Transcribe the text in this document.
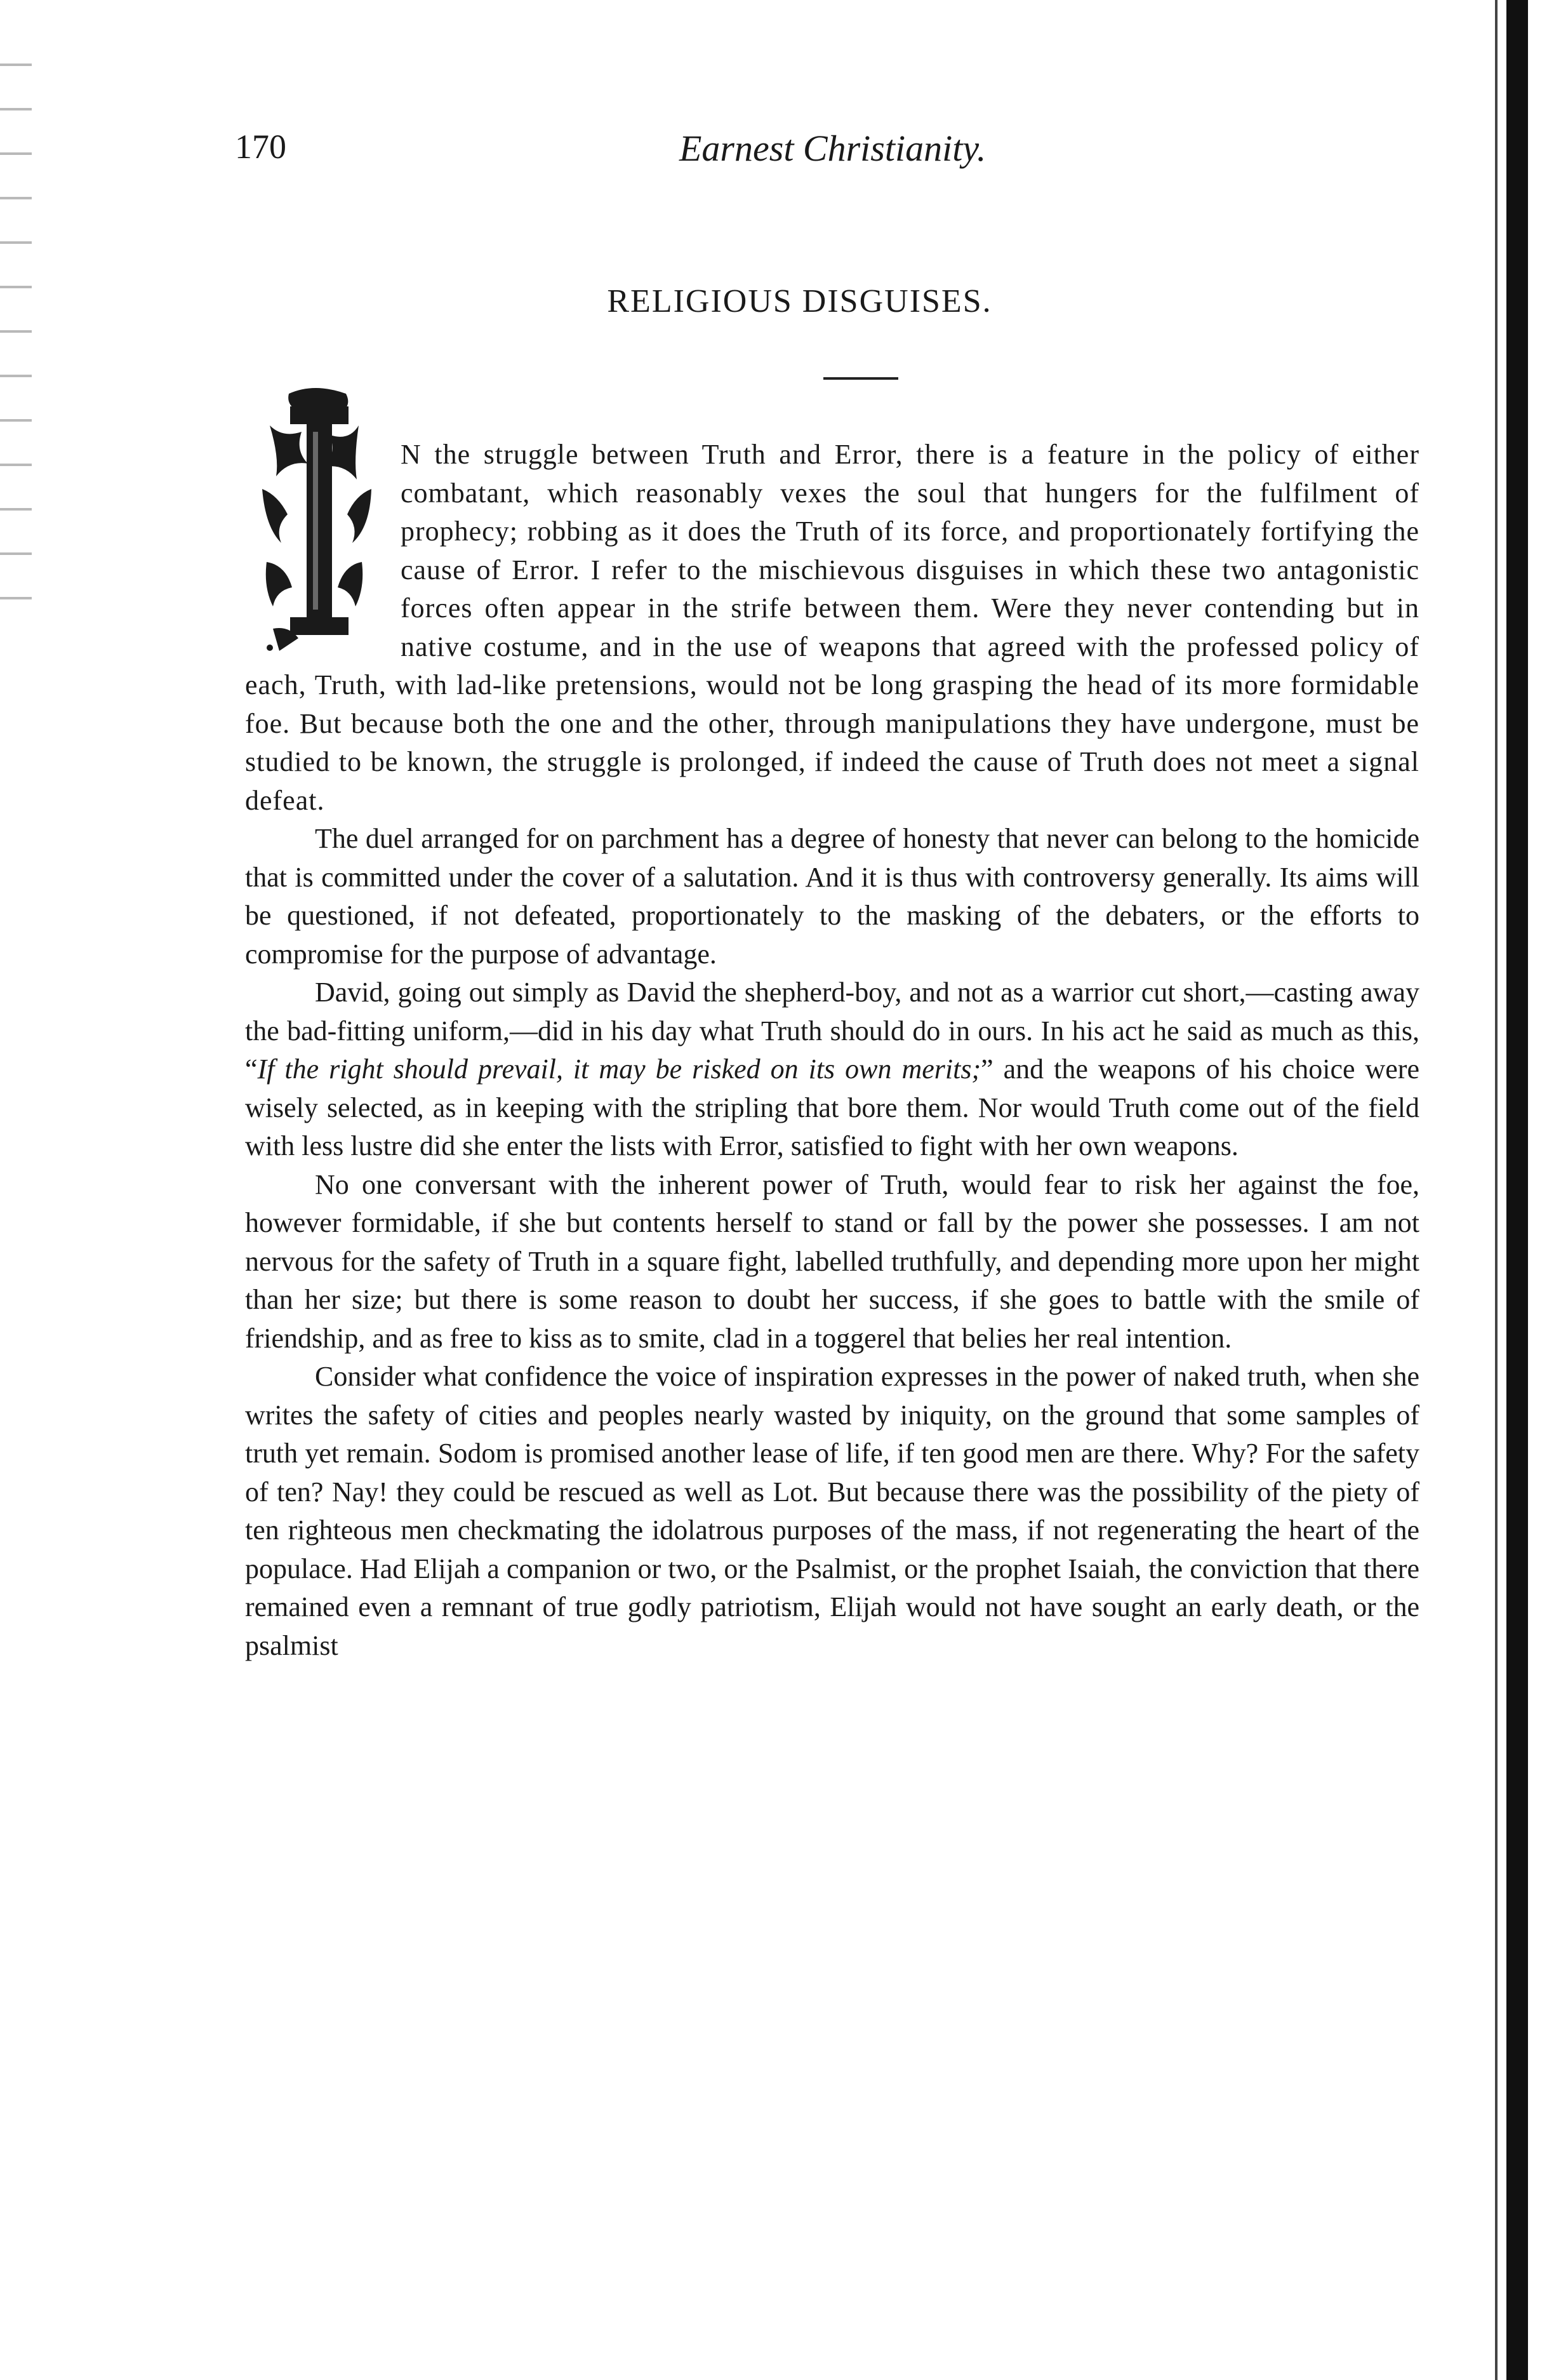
170	Earnest Christianity.
RELIGIOUS DISGUISES.

N the struggle between Truth and Error, there is a feature in the policy of either combatant, which reasonably vexes the soul that hungers for the fulfilment of prophecy; robbing as it does the Truth of its force, and proportionately fortifying the cause of Error. I refer to the mischievous disguises in which these two antagonistic forces often appear in the strife between them. Were they never contending but in native costume, and in the use of weapons that agreed with the professed policy of each, Truth, with lad-like pretensions, would not be long grasping the head of its more formidable foe. But because both the one and the other, through manipulations they have undergone, must be studied to be known, the struggle is prolonged, if indeed the cause of Truth does not meet a signal defeat.

The duel arranged for on parchment has a degree of honesty that never can belong to the homicide that is committed under the cover of a salutation. And it is thus with controversy generally. Its aims will be questioned, if not defeated, proportionately to the masking of the debaters, or the efforts to compromise for the purpose of advantage.

David, going out simply as David the shepherd-boy, and not as a warrior cut short,—casting away the bad-fitting uniform,—did in his day what Truth should do in ours. In his act he said as much as this, “If the right should prevail, it may be risked on its own merits;” and the weapons of his choice were wisely selected, as in keeping with the stripling that bore them. Nor would Truth come out of the field with less lustre did she enter the lists with Error, satisfied to fight with her own weapons.

No one conversant with the inherent power of Truth, would fear to risk her against the foe, however formidable, if she but contents herself to stand or fall by the power she possesses. I am not nervous for the safety of Truth in a square fight, labelled truthfully, and depending more upon her might than her size; but there is some reason to doubt her success, if she goes to battle with the smile of friendship, and as free to kiss as to smite, clad in a toggerel that belies her real intention.

Consider what confidence the voice of inspiration expresses in the power of naked truth, when she writes the safety of cities and peoples nearly wasted by iniquity, on the ground that some samples of truth yet remain. Sodom is promised another lease of life, if ten good men are there. Why? For the safety of ten? Nay! they could be rescued as well as Lot. But because there was the possibility of the piety of ten righteous men checkmating the idolatrous purposes of the mass, if not regenerating the heart of the populace. Had Elijah a companion or two, or the Psalmist, or the prophet Isaiah, the conviction that there remained even a remnant of true godly patriotism, Elijah would not have sought an early death, or the psalmist
